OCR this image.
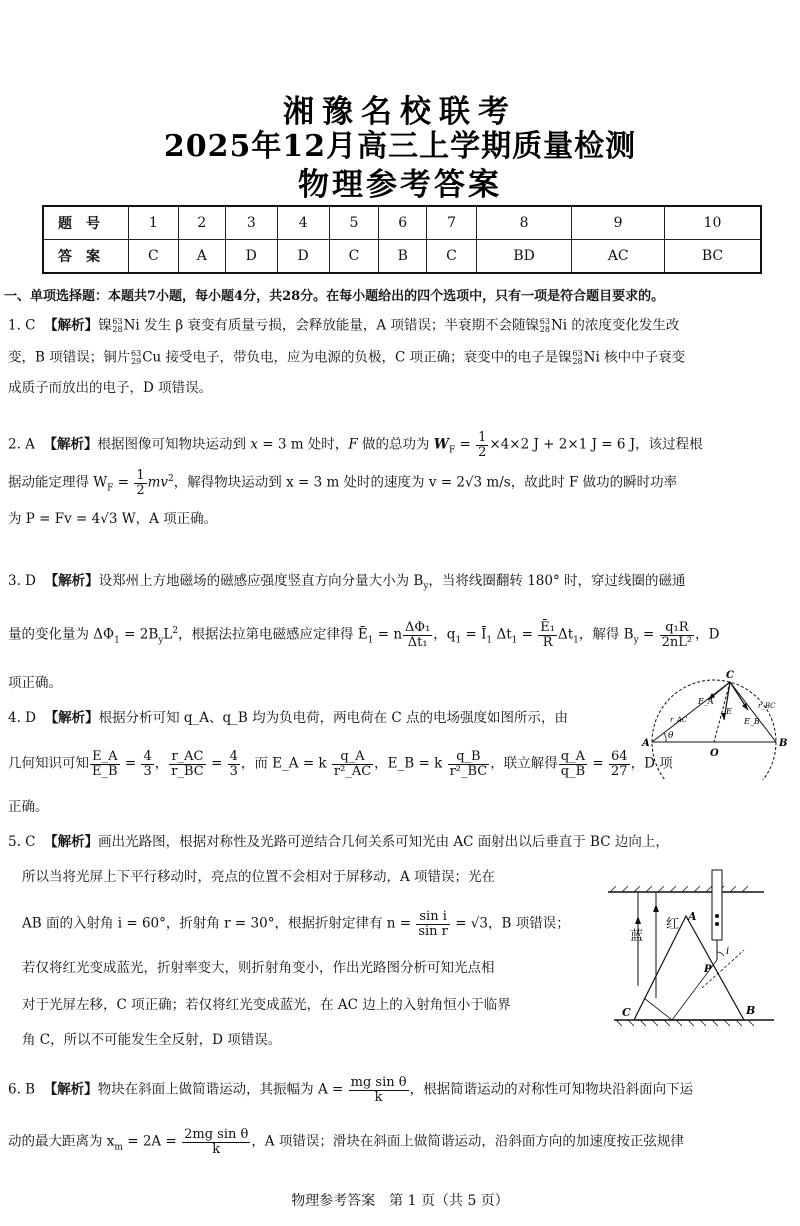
湘豫名校联考
2025年12月高三上学期质量检测
物理参考答案
题号	1	2	3	4	5	6	7	8	9	10
答案	C	A	D	D	C	B	C	BD	AC	BC
一、单项选择题：本题共7小题，每小题4分，共28分。在每小题给出的四个选项中，只有一项是符合题目要求的。
1. C 【解析】镍 63
28 Ni 发生 β 衰变有质量亏损，会释放能量，A 项错误；半衰期不会随镍 63
28 Ni 的浓度变化发生改
变，B 项错误；铜片 63
29 Cu 接受电子，带负电，应为电源的负极，C 项正确；衰变中的电子是镍 63
28 Ni 核中中子衰变
成质子而放出的电子，D 项错误。
2. A 【解析】根据图像可知物块运动到 x = 3 m 处时，F 做的总功为 $W_F = \frac{1}{2} \times 4\times 2$ J + 2×1 J = 6 J，该过程根
据动能定理得 $W_F = \frac{1}{2} mv^2$，解得物块运动到 x = 3 m 处时的速度为 v = 2√3 m/s，故此时 F 做功的瞬时功率
为 P = Fv = 4√3 W，A 项正确。
3. D 【解析】设郑州上方地磁场的磁感应强度竖直方向分量大小为 $B_y$，当将线圈翻转 180° 时，穿过线圈的磁通
量的变化量为 $\Delta\Phi_1 = 2B_yL^2$，根据法拉第电磁感应定律得 $Ē_1 = n \frac{\text{ΔΦ₁}}{\text{Δt₁}}$ ，$q_1$ = $Ī_1$ $\Delta t_1 = \frac{\text{Ē₁}}{R} \Delta t_1$，解得 $B_y = \frac{\text{q₁R}}{\text{2nL²}}$ ，D
项正确。
4. D 【解析】根据分析可知 q_A、q_B 均为负电荷，两电荷在 C 点的电场强度如图所示，由
几何知识可知 $\frac{E\_A}{E\_B} = \frac{4}{3}$ ， $\frac{r\_AC}{r\_BC} = \frac{4}{3}$ ，而 E_A = k $\frac{q\_A}{\text{r²\_AC}}$ ，E_B = k $\frac{q\_B}{\text{r²\_BC}}$ ，联立解得 $\frac{q\_A}{q\_B} = \frac{64}{27}$ ，D 项
正确。
C
A	B
O
E_A
E_B
E
r_AC
r_BC
θ
5. C 【解析】画出光路图，根据对称性及光路可逆结合几何关系可知光由 AC 面射出以后垂直于 BC 边向上，
所以当将光屏上下平行移动时，亮点的位置不会相对于屏移动，A 项错误；光在
AB 面的入射角 i = 60°，折射角 r = 30°，根据折射定律有 $n = \frac{\text{sin i}}{\text{sin r}} = √3$，B 项错误；
若仅将红光变成蓝光，折射率变大，则折射角变小，作出光路图分析可知光点相
对于光屏左移，C 项正确；若仅将红光变成蓝光，在 AC 边上的入射角恒小于临界
角 C，所以不可能发生全反射，D 项错误。
蓝
红
A
B
C
P
i
6. B 【解析】物块在斜面上做简谐运动，其振幅为 $A = \frac{\text{mg sin θ}}{k}$ ，根据简谐运动的对称性可知物块沿斜面向下运
动的最大距离为 $x_m = 2A = \frac{\text{2mg sin θ}}{k}$ ，A 项错误；滑块在斜面上做简谐运动，沿斜面方向的加速度按正弦规律
物理参考答案　第 1 页（共 5 页）
